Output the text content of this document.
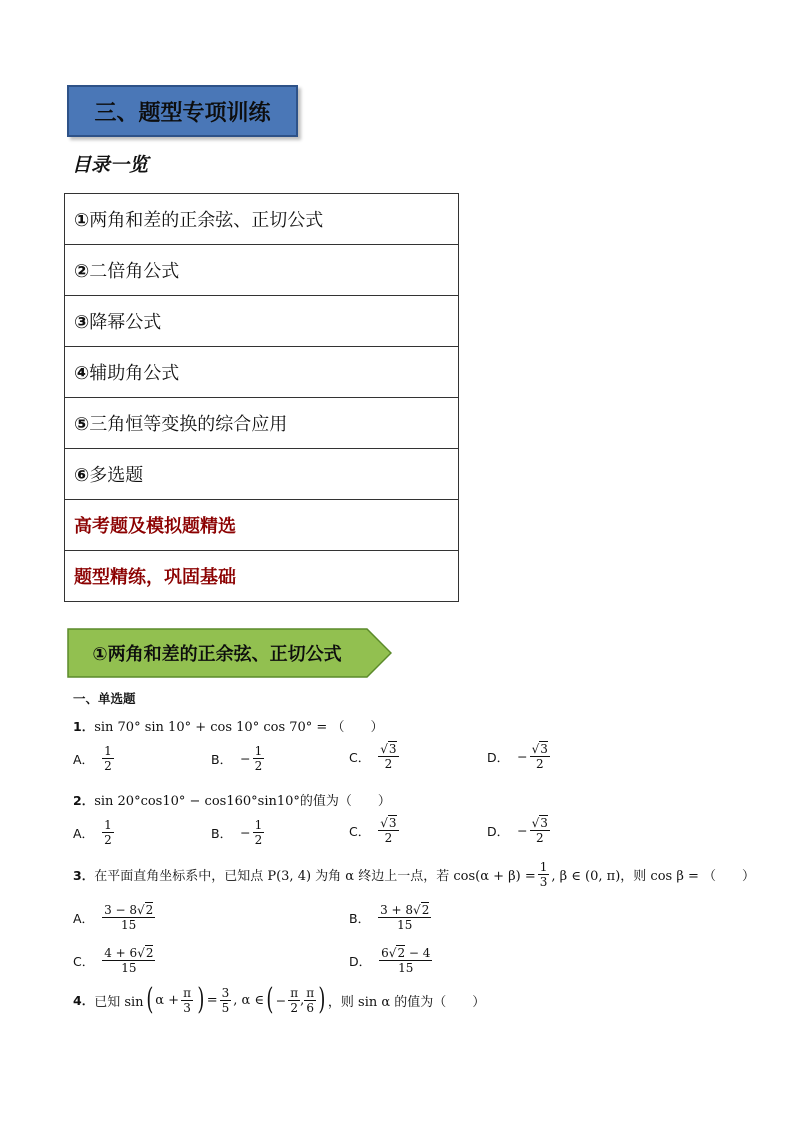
三、题型专项训练
目录一览
①两角和差的正余弦、正切公式
②二倍角公式
③降幂公式
④辅助角公式
⑤三角恒等变换的综合应用
⑥多选题
高考题及模拟题精选
题型精练，巩固基础
①两角和差的正余弦、正切公式
一、单选题
1．sin 70° sin 10° + cos 10° cos 70° = （　　）
A． $\frac{1}{2}$	B． − $\frac{1}{2}$	C． $\frac{√3}{2}$	D． − $\frac{√3}{2}$
2．sin 20°cos10° − cos160°sin10°的值为（　　）
A． $\frac{1}{2}$	B． − $\frac{1}{2}$	C． $\frac{√3}{2}$	D． − $\frac{√3}{2}$
3． 在平面直角坐标系中，已知点 P(3, 4) 为角 α 终边上一点，若 $\cos(\alpha + \beta) = \frac{1}{3}$ , β ∈ (0, π)，则 cos β = （　　）
A． $\frac{3 - 8√2}{15}$	B． $\frac{3 + 8√2}{15}$
C． $\frac{4 + 6√2}{15}$	D． $\frac{6√2 - 4}{15}$
4． 已知 sin ( $\alpha + \frac{\pi}{3}$ ) = $\frac{3}{5}$ , α ∈ ( − $\frac{\pi}{2}$ , $\frac{\pi}{6}$ ) ，则 sin α 的值为（　　）
